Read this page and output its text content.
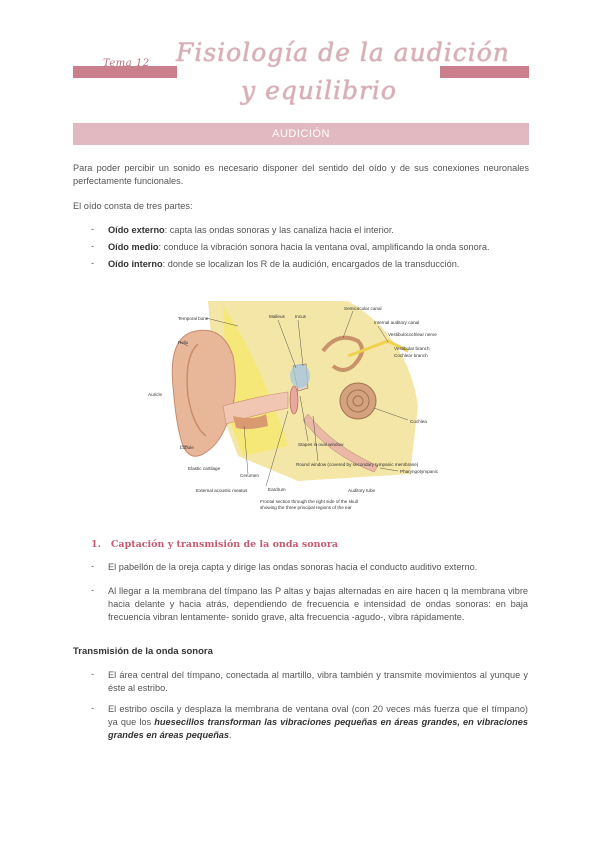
Tema 12 Fisiología de la audición
y equilibrio
AUDICIÓN
Para poder percibir un sonido es necesario disponer del sentido del oído y de sus conexiones neuronales perfectamente funcionales.
El oído consta de tres partes:
- Oído externo: capta las ondas sonoras y las canaliza hacia el interior.
- Oído medio: conduce la vibración sonora hacia la ventana oval, amplificando la onda sonora.
- Oído interno: donde se localizan los R de la audición, encargados de la transducción.
Temporal bone	Malleus Incus
Semicircular canal
Internal auditory canal
Vestibulocochlear nerve
Vestibular branch
Cochlear branch
Helix
Auricle
Cochlea
Lobule
Stapes in oval window
Round window (covered by secondary tympanic membrane)
Elastic cartilage
Cerumen
Eardrum
Pharyngotympanic
External acoustic meatus	Auditory tube
Frontal section through the right side of the skull
showing the three principal regions of the ear
1. Captación y transmisión de la onda sonora
- El pabellón de la oreja capta y dirige las ondas sonoras hacia el conducto auditivo externo.
- Al llegar a la membrana del tímpano las P altas y bajas alternadas en aire hacen q la membrana vibre hacia delante y hacia atrás, dependiendo de frecuencia e intensidad de ondas sonoras: en baja frecuencia vibran lentamente- sonido grave, alta frecuencia -agudo-, vibra rápidamente.
Transmisión de la onda sonora
- El área central del tímpano, conectada al martillo, vibra también y transmite movimientos al yunque y éste al estribo.
- El estribo oscila y desplaza la membrana de ventana oval (con 20 veces más fuerza que el tímpano) ya que los huesecillos transforman las vibraciones pequeñas en áreas grandes, en vibraciones grandes en áreas pequeñas.
